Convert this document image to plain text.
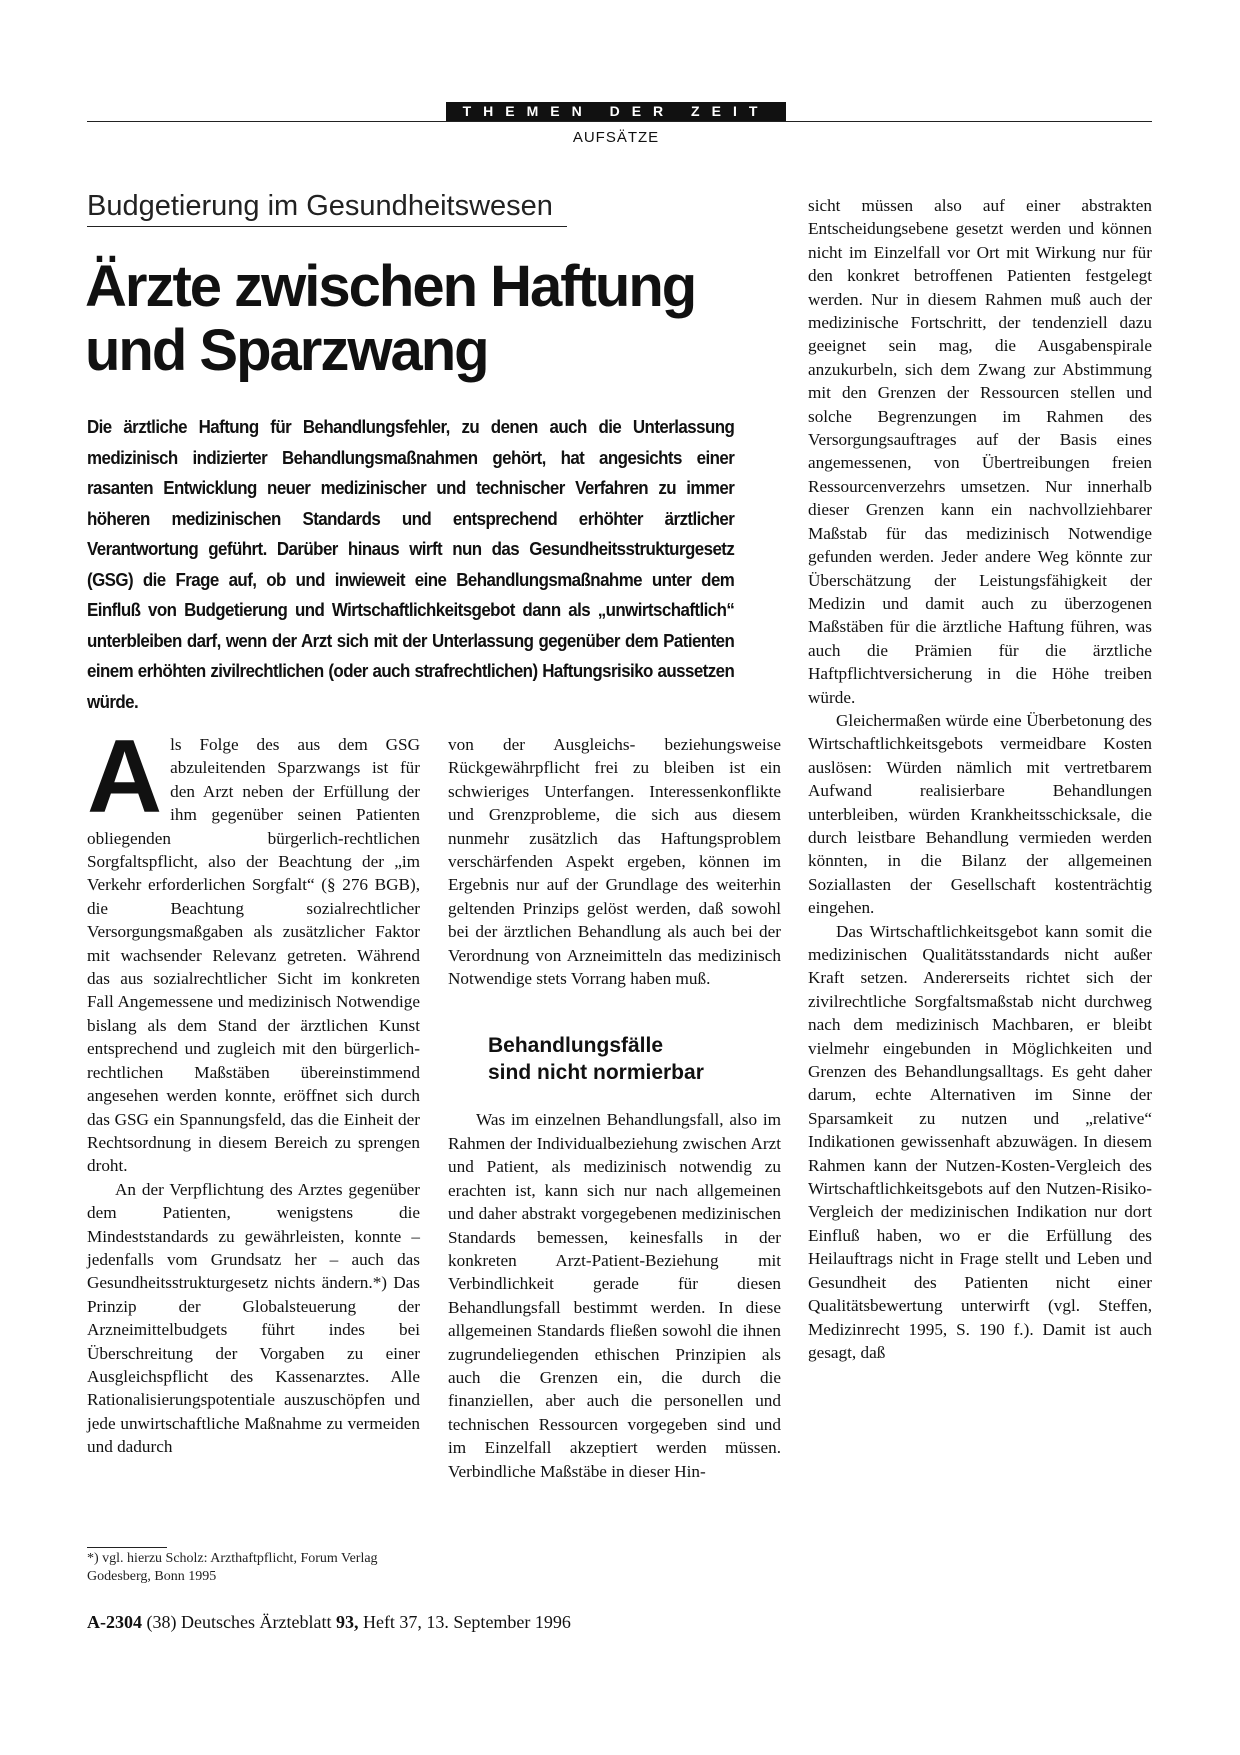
THEMEN DER ZEIT
AUFSÄTZE
Budgetierung im Gesundheitswesen
Ärzte zwischen Haftung
und Sparzwang
Die ärztliche Haftung für Behandlungsfehler, zu denen auch die Unterlassung medizinisch indizierter Behandlungsmaßnahmen gehört, hat angesichts einer rasanten Entwicklung neuer medizinischer und technischer Verfahren zu immer höheren medizinischen Standards und entsprechend erhöhter ärztlicher Verantwortung geführt. Darüber hinaus wirft nun das Gesundheitsstrukturgesetz (GSG) die Frage auf, ob und inwieweit eine Behandlungsmaßnahme unter dem Einfluß von Budgetierung und Wirtschaftlichkeitsgebot dann als „unwirtschaftlich“ unterbleiben darf, wenn der Arzt sich mit der Unterlassung gegenüber dem Patienten einem erhöhten zivilrechtlichen (oder auch strafrechtlichen) Haftungsrisiko aussetzen würde.

Als Folge des aus dem GSG abzuleitenden Sparzwangs ist für den Arzt neben der Erfüllung der ihm gegenüber seinen Patienten obliegenden bürgerlich-rechtlichen Sorgfaltspflicht, also der Beachtung der „im Verkehr erforderlichen Sorgfalt“ (§ 276 BGB), die Beachtung sozialrechtlicher Versorgungsmaßgaben als zusätzlicher Faktor mit wachsender Relevanz getreten. Während das aus sozialrechtlicher Sicht im konkreten Fall Angemessene und medizinisch Notwendige bislang als dem Stand der ärztlichen Kunst entsprechend und zugleich mit den bürgerlich-rechtlichen Maßstäben übereinstimmend angesehen werden konnte, eröffnet sich durch das GSG ein Spannungsfeld, das die Einheit der Rechtsordnung in diesem Bereich zu sprengen droht.

An der Verpflichtung des Arztes gegenüber dem Patienten, wenigstens die Mindeststandards zu gewährleisten, konnte – jedenfalls vom Grundsatz her – auch das Gesundheitsstrukturgesetz nichts ändern.*) Das Prinzip der Globalsteuerung der Arzneimittelbudgets führt indes bei Überschreitung der Vorgaben zu einer Ausgleichspflicht des Kassenarztes. Alle Rationalisierungspotentiale auszuschöpfen und jede unwirtschaftliche Maßnahme zu vermeiden und dadurch

von der Ausgleichs- beziehungsweise Rückgewährpflicht frei zu bleiben ist ein schwieriges Unterfangen. Interessenkonflikte und Grenzprobleme, die sich aus diesem nunmehr zusätzlich das Haftungsproblem verschärfenden Aspekt ergeben, können im Ergebnis nur auf der Grundlage des weiterhin geltenden Prinzips gelöst werden, daß sowohl bei der ärztlichen Behandlung als auch bei der Verordnung von Arzneimitteln das medizinisch Notwendige stets Vorrang haben muß.

Behandlungsfälle
sind nicht normierbar

Was im einzelnen Behandlungsfall, also im Rahmen der Individualbeziehung zwischen Arzt und Patient, als medizinisch notwendig zu erachten ist, kann sich nur nach allgemeinen und daher abstrakt vorgegebenen medizinischen Standards bemessen, keinesfalls in der konkreten Arzt-Patient-Beziehung mit Verbindlichkeit gerade für diesen Behandlungsfall bestimmt werden. In diese allgemeinen Standards fließen sowohl die ihnen zugrundeliegenden ethischen Prinzipien als auch die Grenzen ein, die durch die finanziellen, aber auch die personellen und technischen Ressourcen vorgegeben sind und im Einzelfall akzeptiert werden müssen. Verbindliche Maßstäbe in dieser Hin-

sicht müssen also auf einer abstrakten Entscheidungsebene gesetzt werden und können nicht im Einzelfall vor Ort mit Wirkung nur für den konkret betroffenen Patienten festgelegt werden. Nur in diesem Rahmen muß auch der medizinische Fortschritt, der tendenziell dazu geeignet sein mag, die Ausgabenspirale anzukurbeln, sich dem Zwang zur Abstimmung mit den Grenzen der Ressourcen stellen und solche Begrenzungen im Rahmen des Versorgungsauftrages auf der Basis eines angemessenen, von Übertreibungen freien Ressourcenverzehrs umsetzen. Nur innerhalb dieser Grenzen kann ein nachvollziehbarer Maßstab für das medizinisch Notwendige gefunden werden. Jeder andere Weg könnte zur Überschätzung der Leistungsfähigkeit der Medizin und damit auch zu überzogenen Maßstäben für die ärztliche Haftung führen, was auch die Prämien für die ärztliche Haftpflichtversicherung in die Höhe treiben würde.

Gleichermaßen würde eine Überbetonung des Wirtschaftlichkeitsgebots vermeidbare Kosten auslösen: Würden nämlich mit vertretbarem Aufwand realisierbare Behandlungen unterbleiben, würden Krankheitsschicksale, die durch leistbare Behandlung vermieden werden könnten, in die Bilanz der allgemeinen Soziallasten der Gesellschaft kostenträchtig eingehen.

Das Wirtschaftlichkeitsgebot kann somit die medizinischen Qualitätsstandards nicht außer Kraft setzen. Andererseits richtet sich der zivilrechtliche Sorgfaltsmaßstab nicht durchweg nach dem medizinisch Machbaren, er bleibt vielmehr eingebunden in Möglichkeiten und Grenzen des Behandlungsalltags. Es geht daher darum, echte Alternativen im Sinne der Sparsamkeit zu nutzen und „relative“ Indikationen gewissenhaft abzuwägen. In diesem Rahmen kann der Nutzen-Kosten-Vergleich des Wirtschaftlichkeitsgebots auf den Nutzen-Risiko-Vergleich der medizinischen Indikation nur dort Einfluß haben, wo er die Erfüllung des Heilauftrags nicht in Frage stellt und Leben und Gesundheit des Patienten nicht einer Qualitätsbewertung unterwirft (vgl. Steffen, Medizinrecht 1995, S. 190 f.). Damit ist auch gesagt, daß

*) vgl. hierzu Scholz: Arzthaftpflicht, Forum Verlag Godesberg, Bonn 1995
A-2304 (38) Deutsches Ärzteblatt 93, Heft 37, 13. September 1996
